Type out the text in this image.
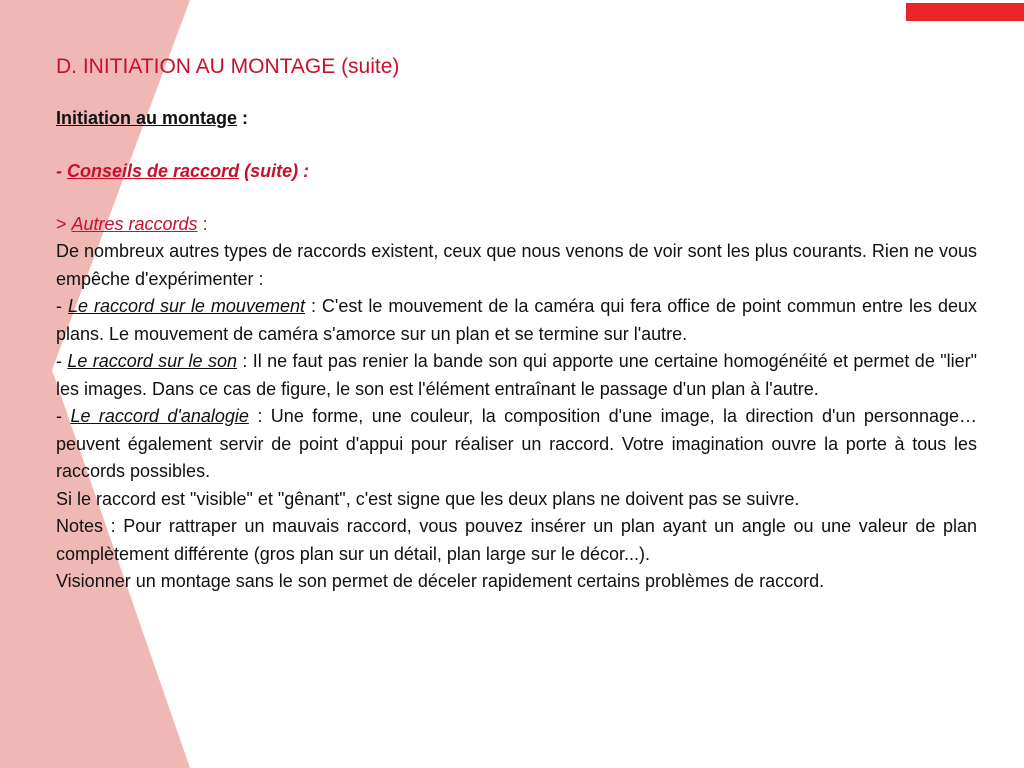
D. INITIATION AU MONTAGE (suite)
Initiation au montage :
- Conseils de raccord (suite) :
> Autres raccords :

De nombreux autres types de raccords existent, ceux que nous venons de voir sont les plus courants. Rien ne vous empêche d'expérimenter :

- Le raccord sur le mouvement : C'est le mouvement de la caméra qui fera office de point commun entre les deux plans. Le mouvement de caméra s'amorce sur un plan et se termine sur l'autre.

- Le raccord sur le son : Il ne faut pas renier la bande son qui apporte une certaine homogénéité et permet de "lier" les images. Dans ce cas de figure, le son est l'élément entraînant le passage d'un plan à l'autre.

- Le raccord d'analogie : Une forme, une couleur, la composition d'une image, la direction d'un personnage… peuvent également servir de point d'appui pour réaliser un raccord. Votre imagination ouvre la porte à tous les raccords possibles.

Si le raccord est "visible" et "gênant", c'est signe que les deux plans ne doivent pas se suivre.

Notes : Pour rattraper un mauvais raccord, vous pouvez insérer un plan ayant un angle ou une valeur de plan complètement différente (gros plan sur un détail, plan large sur le décor...).

Visionner un montage sans le son permet de déceler rapidement certains problèmes de raccord.
